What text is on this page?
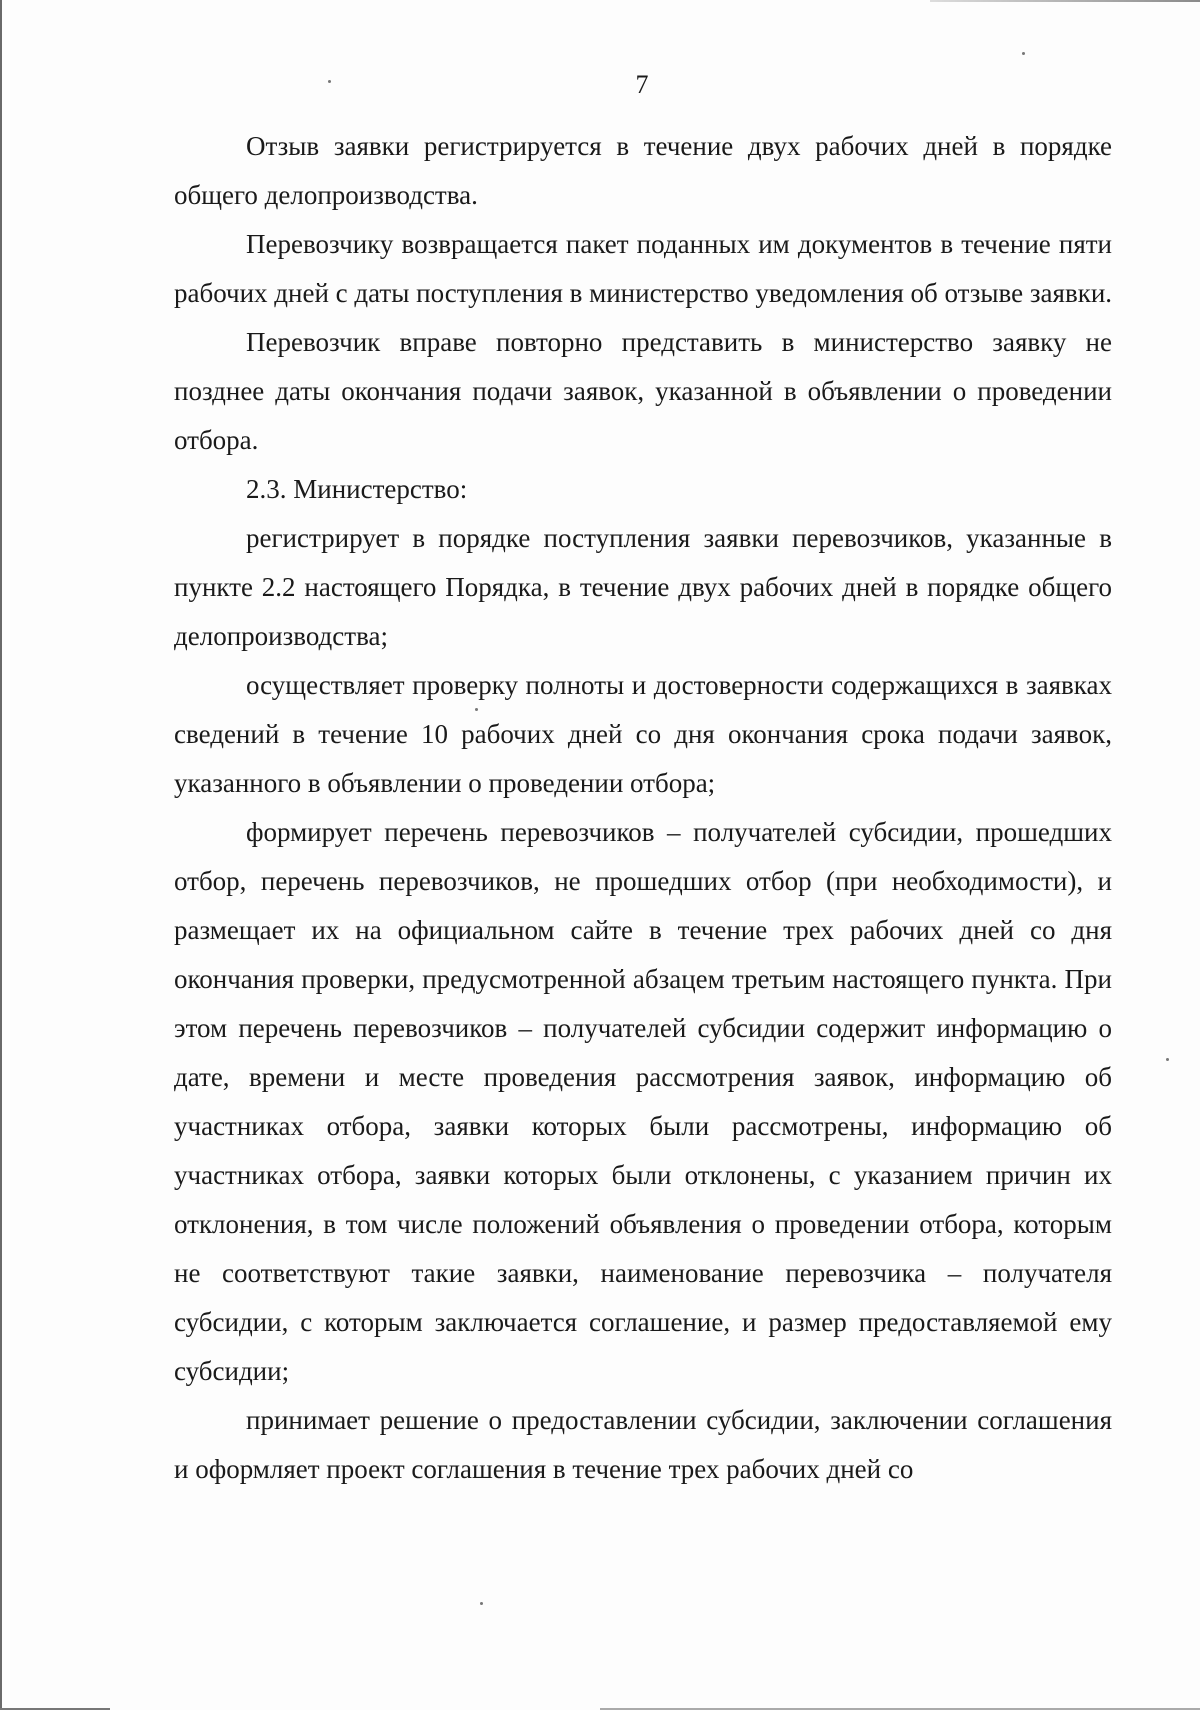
7

Отзыв заявки регистрируется в течение двух рабочих дней в порядке общего делопроизводства.

Перевозчику возвращается пакет поданных им документов в течение пяти рабочих дней с даты поступления в министерство уведомления об отзыве заявки.

Перевозчик вправе повторно представить в министерство заявку не позднее даты окончания подачи заявок, указанной в объявлении о проведении отбора.

2.3. Министерство:

регистрирует в порядке поступления заявки перевозчиков, указанные в пункте 2.2 настоящего Порядка, в течение двух рабочих дней в порядке общего делопроизводства;

осуществляет проверку полноты и достоверности содержащихся в заявках сведений в течение 10 рабочих дней со дня окончания срока подачи заявок, указанного в объявлении о проведении отбора;

формирует перечень перевозчиков – получателей субсидии, прошедших отбор, перечень перевозчиков, не прошедших отбор (при необходимости), и размещает их на официальном сайте в течение трех рабочих дней со дня окончания проверки, предусмотренной абзацем третьим настоящего пункта. При этом перечень перевозчиков – получателей субсидии содержит информацию о дате, времени и месте проведения рассмотрения заявок, информацию об участниках отбора, заявки которых были рассмотрены, информацию об участниках отбора, заявки которых были отклонены, с указанием причин их отклонения, в том числе положений объявления о проведении отбора, которым не соответствуют такие заявки, наименование перевозчика – получателя субсидии, с которым заключается соглашение, и размер предоставляемой ему субсидии;

принимает решение о предоставлении субсидии, заключении соглашения и оформляет проект соглашения в течение трех рабочих дней со
